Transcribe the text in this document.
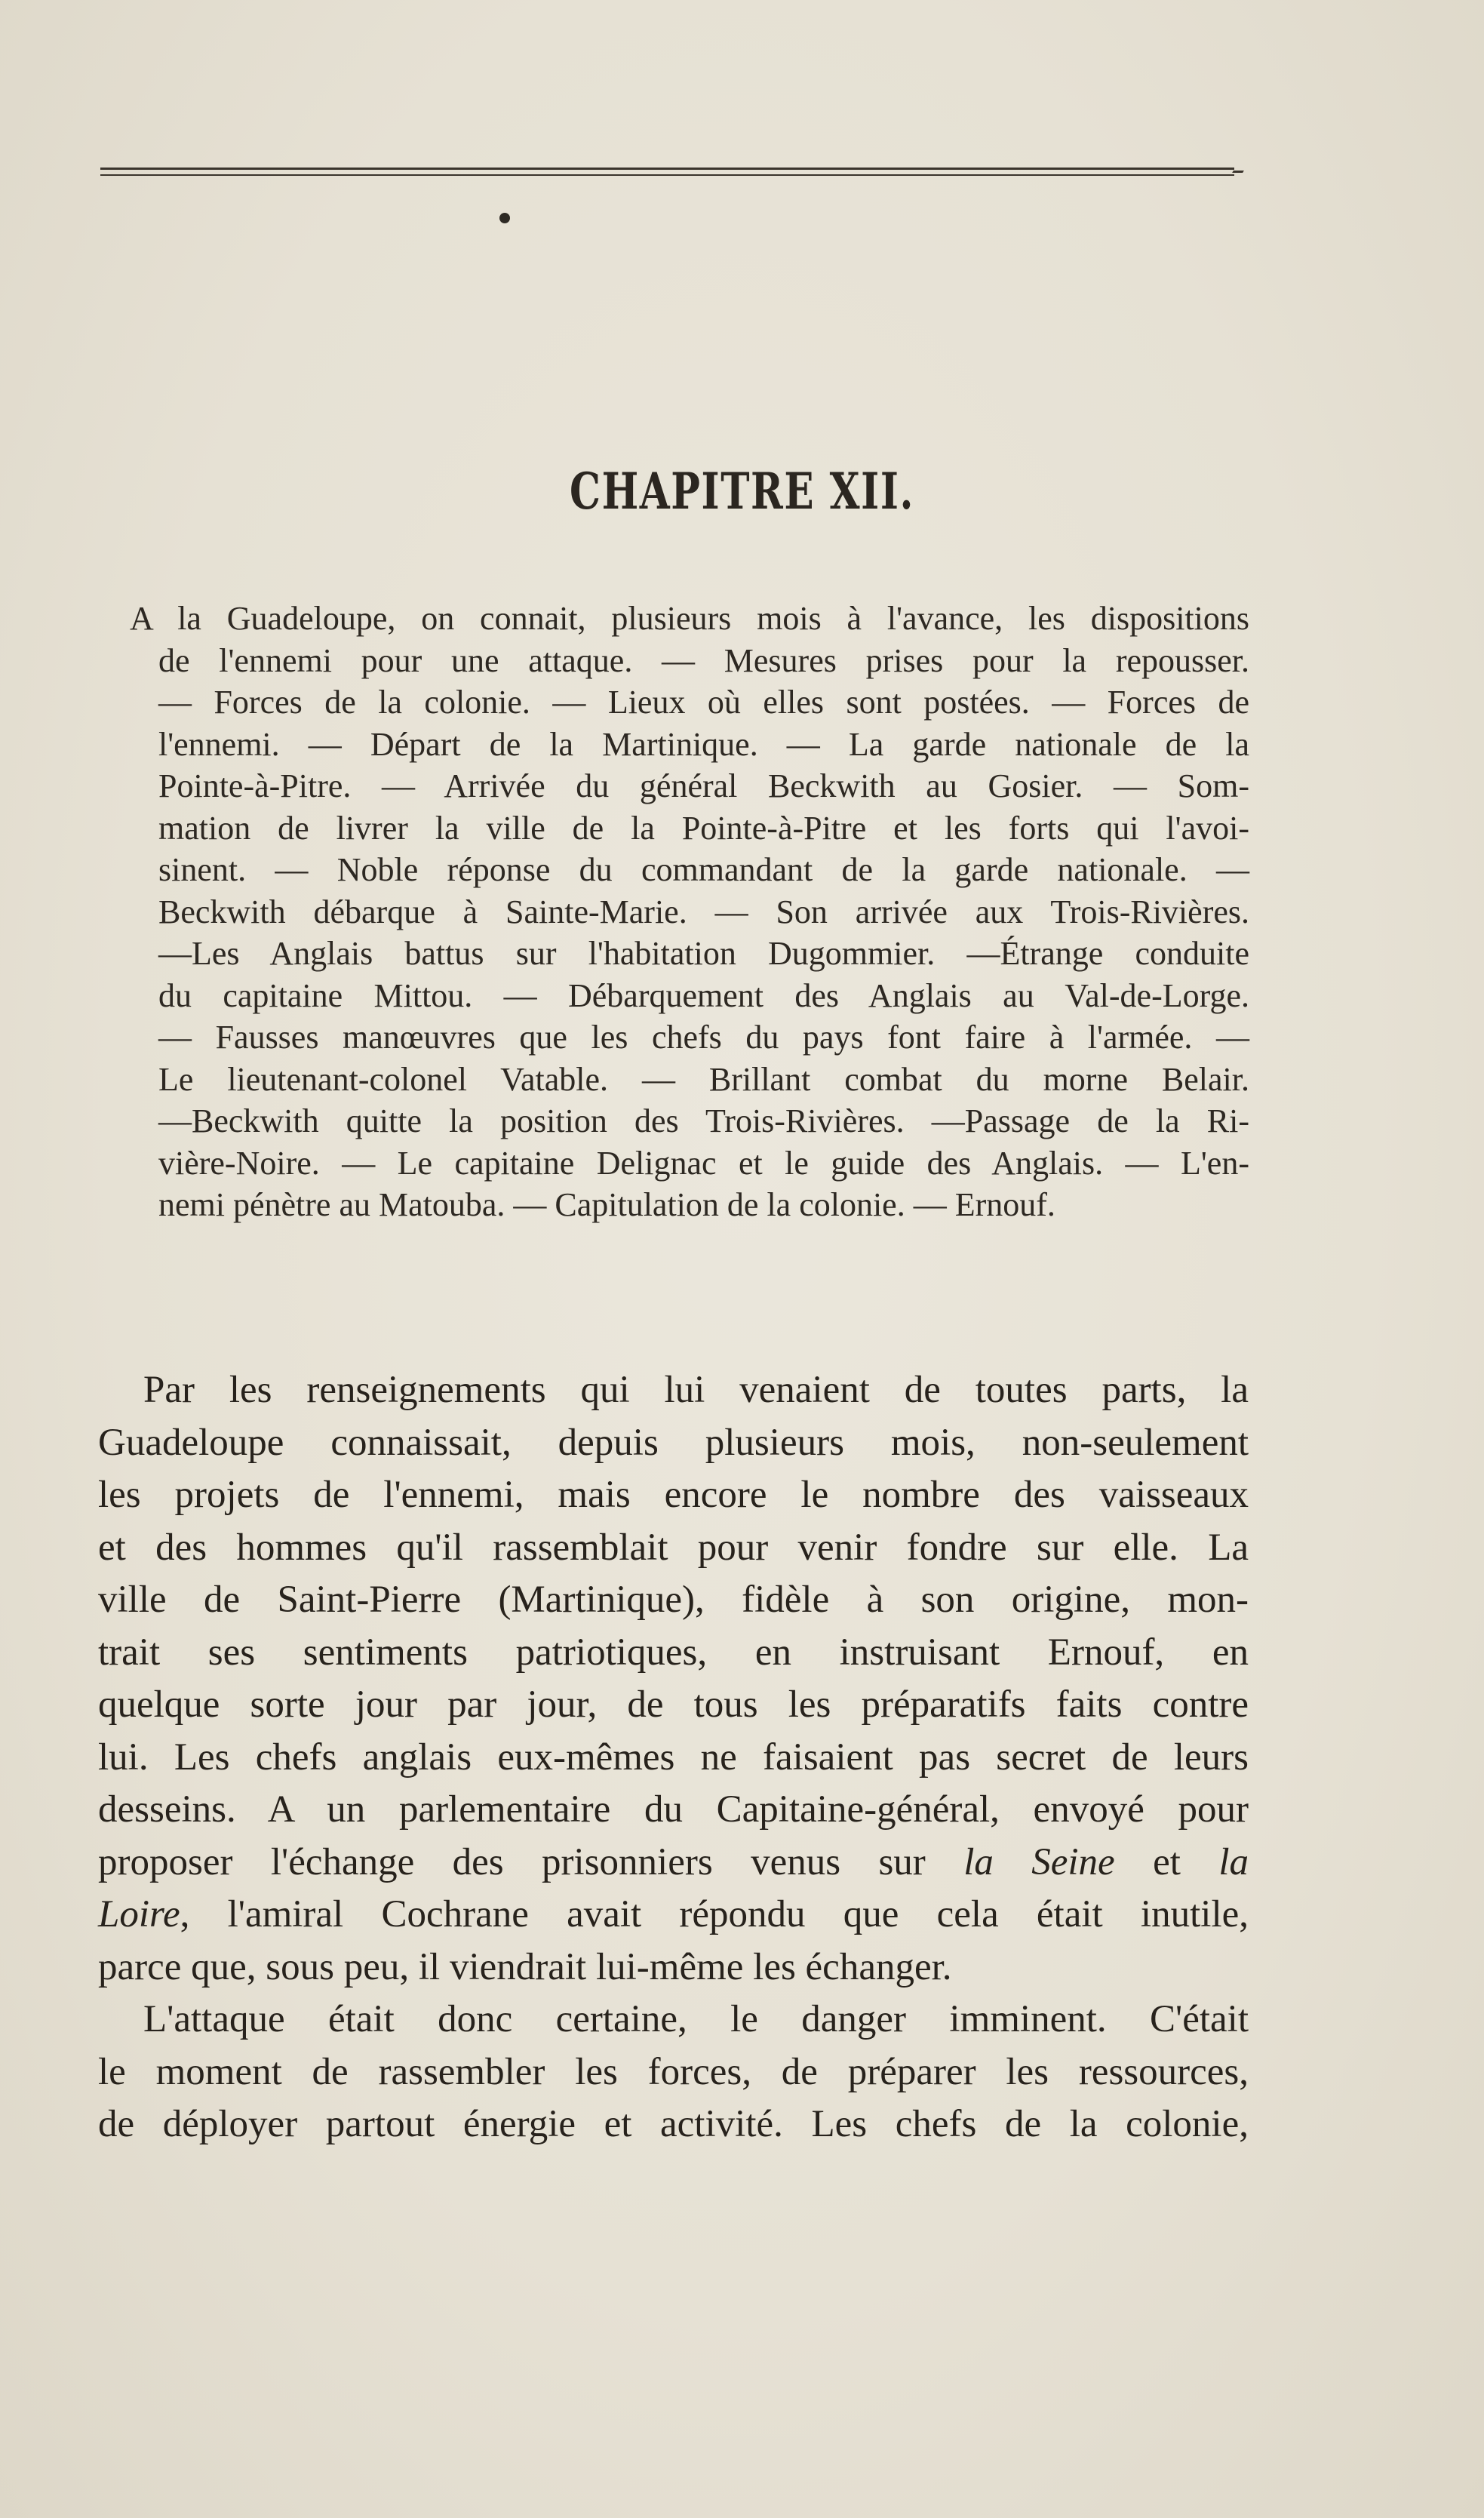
CHAPITRE XII.
A la Guadeloupe, on connait, plusieurs mois à l'avance, les dispositions
de l'ennemi pour une attaque. — Mesures prises pour la repousser.
— Forces de la colonie. — Lieux où elles sont postées. — Forces de
l'ennemi. — Départ de la Martinique. — La garde nationale de la
Pointe-à-Pitre. — Arrivée du général Beckwith au Gosier. — Som-
mation de livrer la ville de la Pointe-à-Pitre et les forts qui l'avoi-
sinent. — Noble réponse du commandant de la garde nationale. —
Beckwith débarque à Sainte-Marie. — Son arrivée aux Trois-Rivières.
—Les Anglais battus sur l'habitation Dugommier. —Étrange conduite
du capitaine Mittou. — Débarquement des Anglais au Val-de-Lorge.
— Fausses manœuvres que les chefs du pays font faire à l'armée. —
Le lieutenant-colonel Vatable. — Brillant combat du morne Belair.
—Beckwith quitte la position des Trois-Rivières. —Passage de la Ri-
vière-Noire. — Le capitaine Delignac et le guide des Anglais. — L'en-
nemi pénètre au Matouba. — Capitulation de la colonie. — Ernouf.
Par les renseignements qui lui venaient de toutes parts, la
Guadeloupe connaissait, depuis plusieurs mois, non-seulement
les projets de l'ennemi, mais encore le nombre des vaisseaux
et des hommes qu'il rassemblait pour venir fondre sur elle. La
ville de Saint-Pierre (Martinique), fidèle à son origine, mon-
trait ses sentiments patriotiques, en instruisant Ernouf, en
quelque sorte jour par jour, de tous les préparatifs faits contre
lui. Les chefs anglais eux-mêmes ne faisaient pas secret de leurs
desseins. A un parlementaire du Capitaine-général, envoyé pour
proposer l'échange des prisonniers venus sur la Seine et la
Loire, l'amiral Cochrane avait répondu que cela était inutile,
parce que, sous peu, il viendrait lui-même les échanger.
L'attaque était donc certaine, le danger imminent. C'était
le moment de rassembler les forces, de préparer les ressources,
de déployer partout énergie et activité. Les chefs de la colonie,
